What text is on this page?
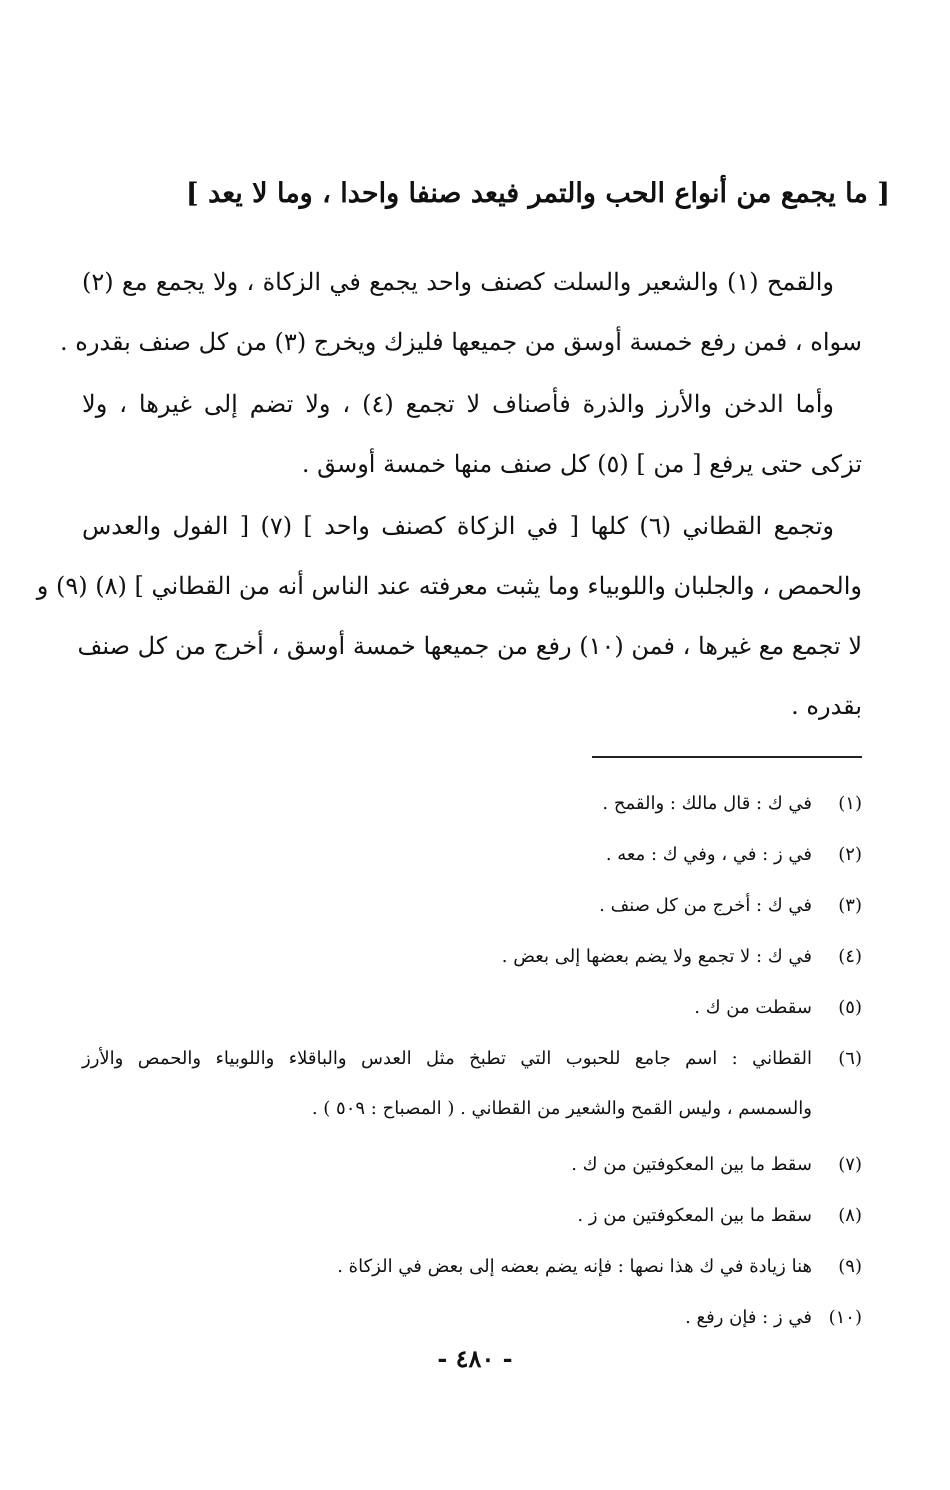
[ ما يجمع من أنواع الحب والتمر فيعد صنفا واحدا ، وما لا يعد ]
والقمح (١) والشعير والسلت كصنف واحد يجمع في الزكاة ، ولا يجمع مع (٢)
سواه ، فمن رفع خمسة أوسق من جميعها فليزك ويخرج (٣) من كل صنف بقدره .
وأما الدخن والأرز والذرة فأصناف لا تجمع (٤) ، ولا تضم إلى غيرها ، ولا
تزكى حتى يرفع [ من ] (٥) كل صنف منها خمسة أوسق .
وتجمع القطاني (٦) كلها [ في الزكاة كصنف واحد ] (٧) [ الفول والعدس
والحمص ، والجلبان واللوبياء وما يثبت معرفته عند الناس أنه من القطاني ] (٨) (٩) و
لا تجمع مع غيرها ، فمن (١٠) رفع من جميعها خمسة أوسق ، أخرج من كل صنف
بقدره .
(١)
في ك : قال مالك : والقمح .
(٢)
في ز : في ، وفي ك : معه .
(٣)
في ك : أخرج من كل صنف .
(٤)
في ك : لا تجمع ولا يضم بعضها إلى بعض .
(٥)
سقطت من ك .
(٦)
القطاني : اسم جامع للحبوب التي تطبخ مثل العدس والباقلاء واللوبياء والحمص والأرز
والسمسم ، وليس القمح والشعير من القطاني . ( المصباح : ٥٠٩ ) .
(٧)
سقط ما بين المعكوفتين من ك .
(٨)
سقط ما بين المعكوفتين من ز .
(٩)
هنا زيادة في ك هذا نصها : فإنه يضم بعضه إلى بعض في الزكاة .
(١٠)
في ز : فإن رفع .
- ٤٨٠ -
